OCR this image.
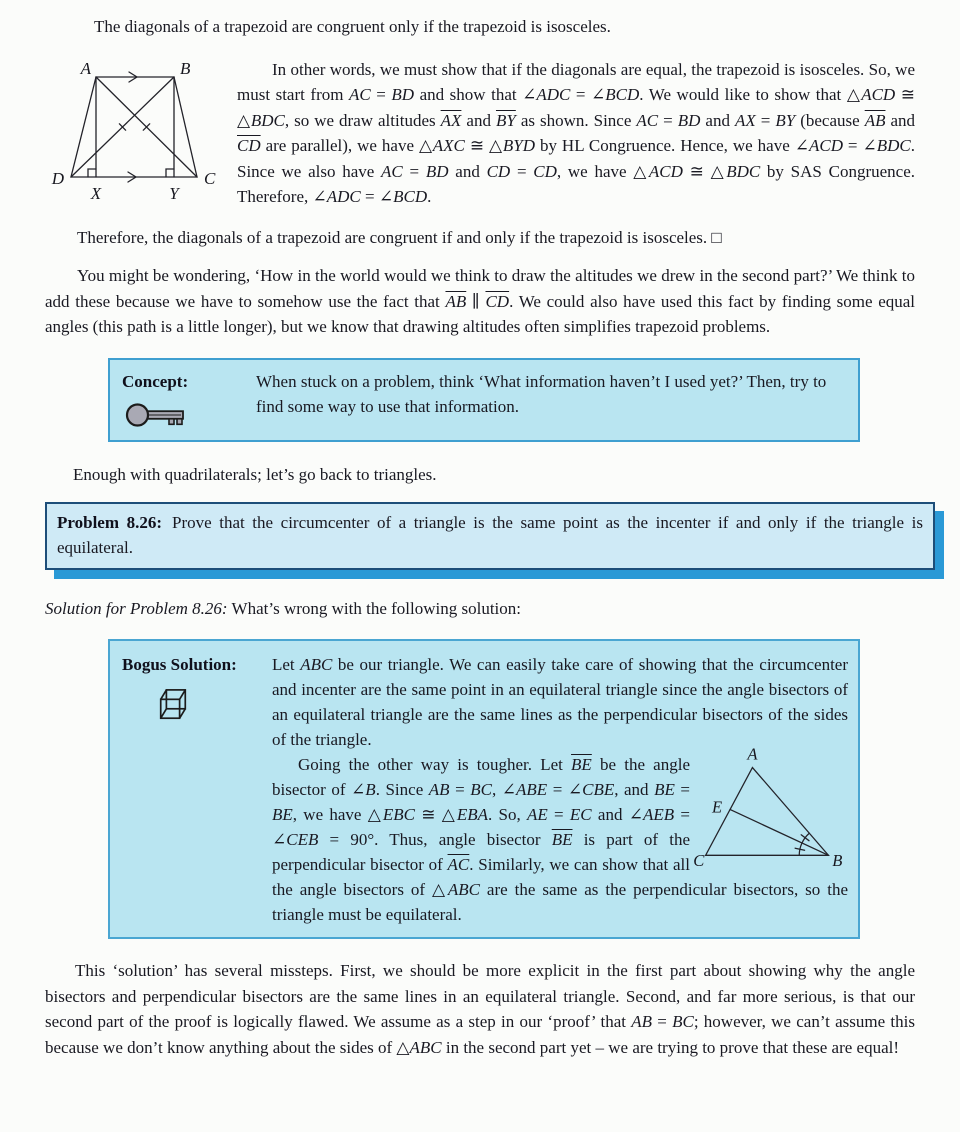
The diagonals of a trapezoid are congruent only if the trapezoid is isosceles.

A	B
C
D
X	Y

In other words, we must show that if the diagonals are equal, the trapezoid is isosceles. So, we must start from AC = BD and show that ∠ADC = ∠BCD. We would like to show that △ACD ≅ △BDC, so we draw altitudes $\overline{AX}$ and $\overline{BY}$ as shown. Since AC = BD and AX = BY (because $\overline{AB}$ and $\overline{CD}$ are parallel), we have △AXC ≅ △BYD by HL Congruence. Hence, we have ∠ACD = ∠BDC. Since we also have AC = BD and CD = CD, we have △ACD ≅ △BDC by SAS Congruence. Therefore, ∠ADC = ∠BCD.

Therefore, the diagonals of a trapezoid are congruent if and only if the trapezoid is isosceles. □

You might be wondering, ‘How in the world would we think to draw the altitudes we drew in the second part?’ We think to add these because we have to somehow use the fact that $\overline{AB}$ ∥ $\overline{CD}$. We could also have used this fact by finding some equal angles (this path is a little longer), but we know that drawing altitudes often simplifies trapezoid problems.

Concept:	When stuck on a problem, think ‘What information haven’t I used yet?’ Then, try to find some way to use that information.

Enough with quadrilaterals; let’s go back to triangles.

Problem 8.26: Prove that the circumcenter of a triangle is the same point as the incenter if and only if the triangle is equilateral.

Solution for Problem 8.26: What’s wrong with the following solution:

Bogus Solution:	Let ABC be our triangle. We can easily take care of showing that the circumcenter and incenter are the same point in an equilateral triangle since the angle bisectors of an equilateral triangle are the same lines as the perpendicular bisectors of the sides of the triangle.

A
E
C	B

Going the other way is tougher. Let $\overline{BE}$ be the angle bisector of ∠B. Since AB = BC, ∠ABE = ∠CBE, and BE = BE, we have △EBC ≅ △EBA. So, AE = EC and ∠AEB = ∠CEB = 90°. Thus, angle bisector $\overline{BE}$ is part of the perpendicular bisector of $\overline{AC}$. Similarly, we can show that all the angle bisectors of △ABC are the same as the perpendicular bisectors, so the triangle must be equilateral.

This ‘solution’ has several missteps. First, we should be more explicit in the first part about showing why the angle bisectors and perpendicular bisectors are the same lines in an equilateral triangle. Second, and far more serious, is that our second part of the proof is logically flawed. We assume as a step in our ‘proof’ that AB = BC; however, we can’t assume this because we don’t know anything about the sides of △ABC in the second part yet – we are trying to prove that these are equal!
